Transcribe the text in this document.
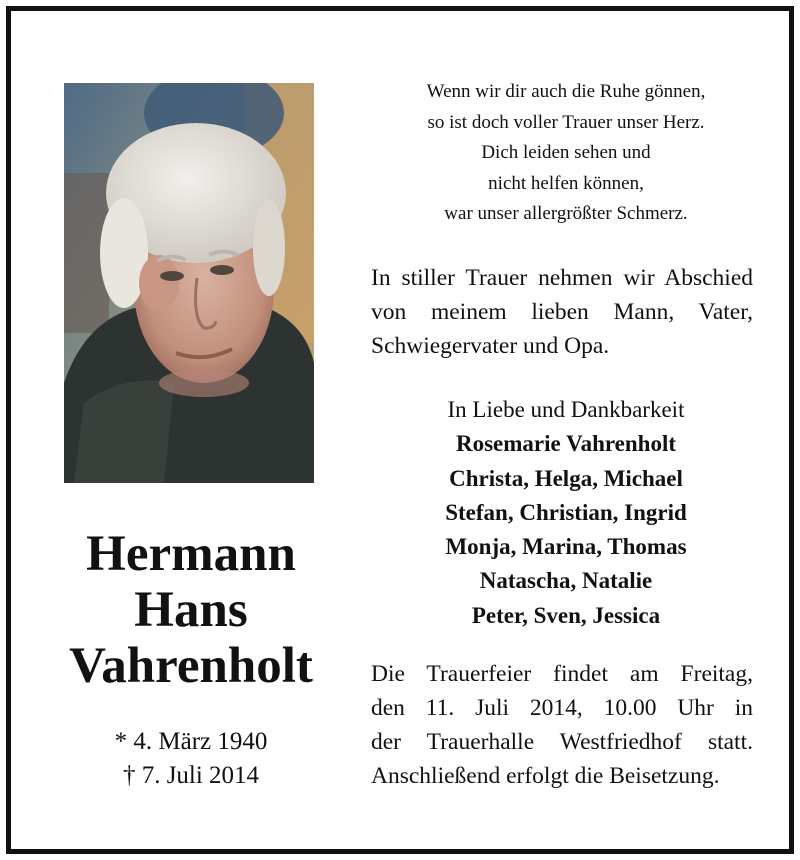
Hermann
Hans
Vahrenholt
* 4. März 1940
† 7. Juli 2014
Wenn wir dir auch die Ruhe gönnen,
so ist doch voller Trauer unser Herz.
Dich leiden sehen und
nicht helfen können,
war unser allergrößter Schmerz.
In stiller Trauer nehmen wir Abschied
von meinem lieben Mann, Vater,
Schwiegervater und Opa.
In Liebe und Dankbarkeit
Rosemarie Vahrenholt
Christa, Helga, Michael
Stefan, Christian, Ingrid
Monja, Marina, Thomas
Natascha, Natalie
Peter, Sven, Jessica
Die Trauerfeier findet am Freitag,
den 11. Juli 2014, 10.00 Uhr in
der Trauerhalle Westfriedhof statt.
Anschließend erfolgt die Beisetzung.
